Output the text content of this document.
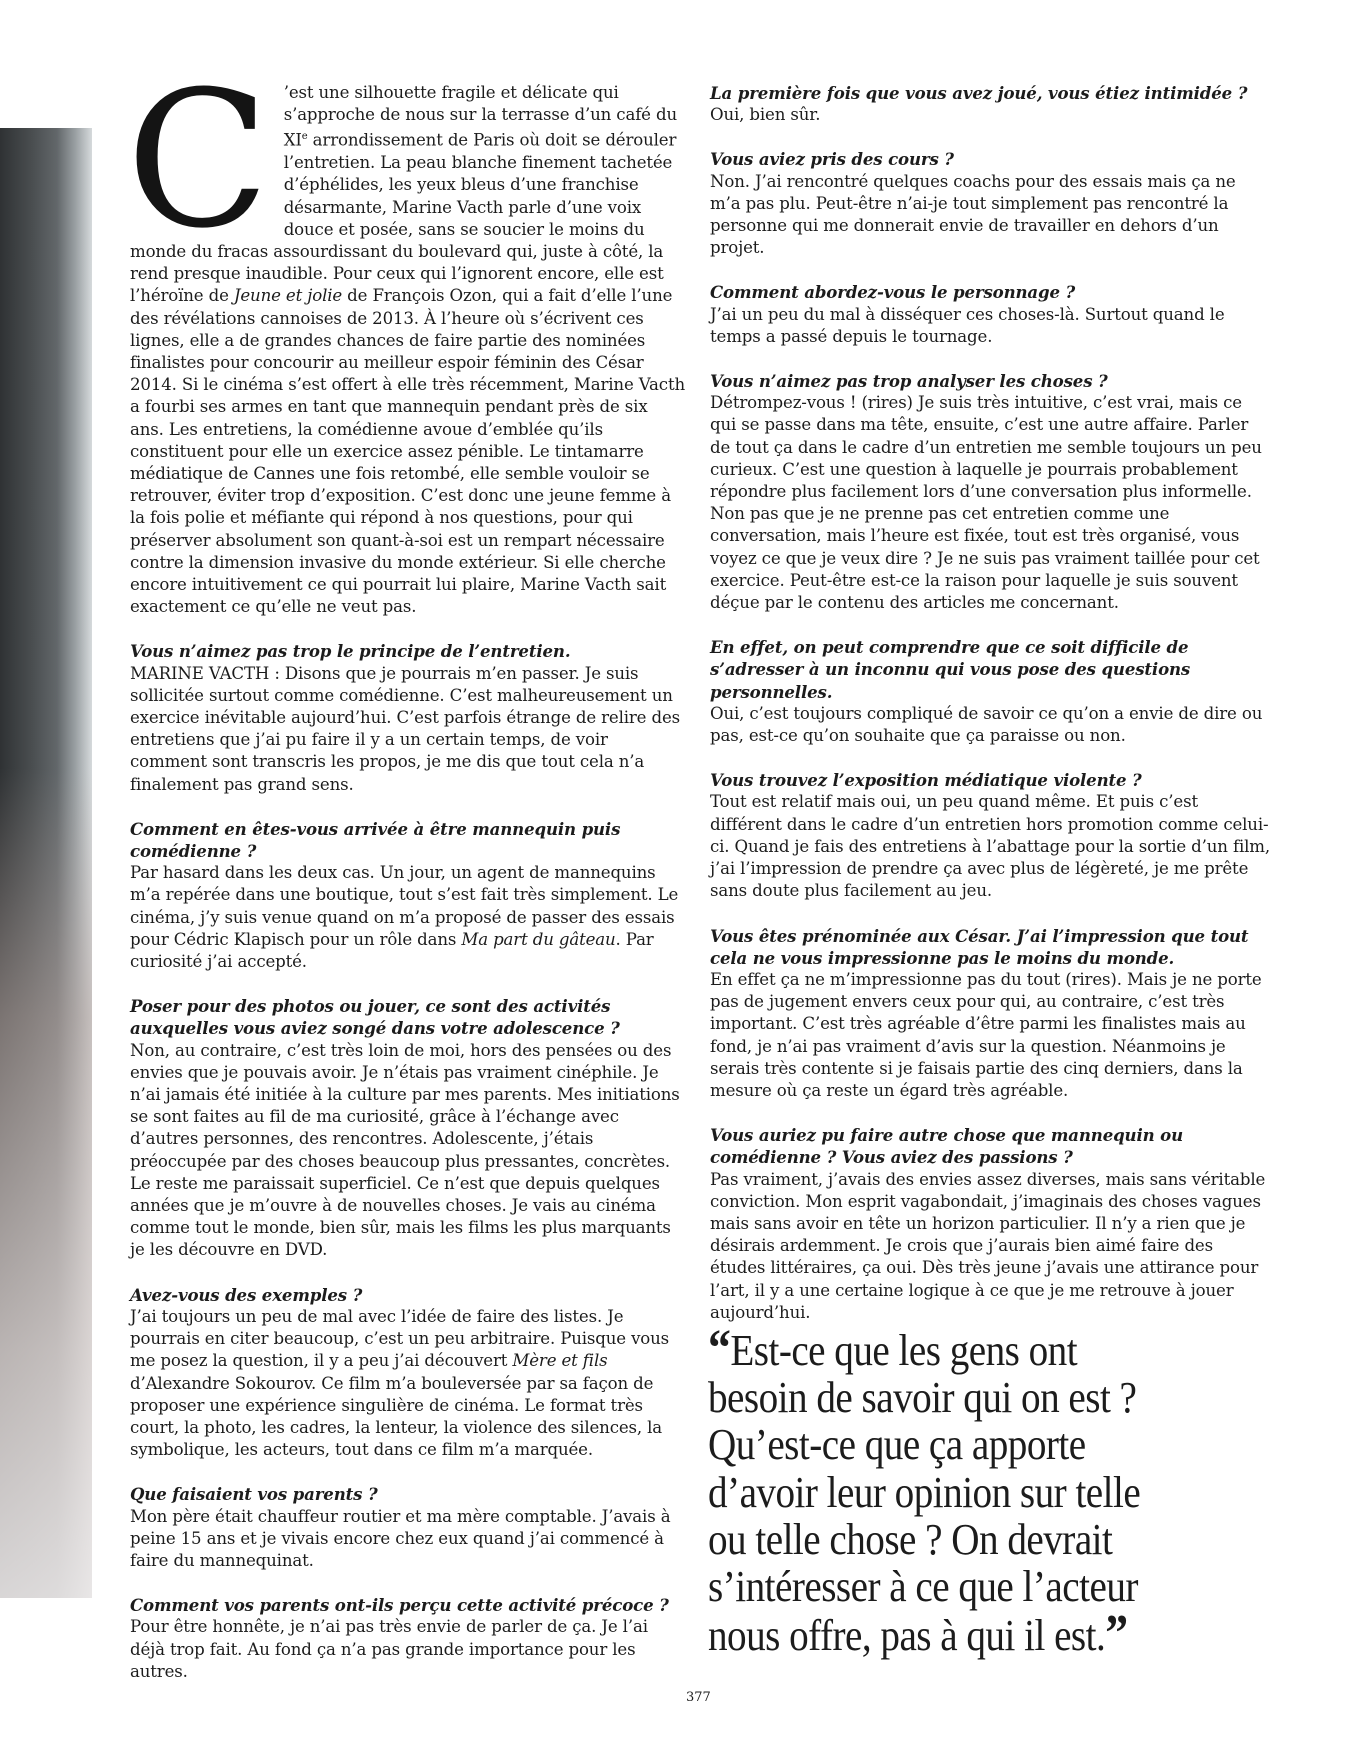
C ’est une silhouette fragile et délicate qui s’approche de nous sur la terrasse d’un café du XIe arrondissement de Paris où doit se dérouler l’entretien. La peau blanche finement tachetée d’éphélides, les yeux bleus d’une franchise désarmante, Marine Vacth parle d’une voix douce et posée, sans se soucier le moins du monde du fracas assourdissant du boulevard qui, juste à côté, la rend presque inaudible. Pour ceux qui l’ignorent encore, elle est l’héroïne de Jeune et jolie de François Ozon, qui a fait d’elle l’une des révélations cannoises de 2013. À l’heure où s’écrivent ces lignes, elle a de grandes chances de faire partie des nominées finalistes pour concourir au meilleur espoir féminin des César 2014. Si le cinéma s’est offert à elle très récemment, Marine Vacth a fourbi ses armes en tant que mannequin pendant près de six ans. Les entretiens, la comédienne avoue d’emblée qu’ils constituent pour elle un exercice assez pénible. Le tintamarre médiatique de Cannes une fois retombé, elle semble vouloir se retrouver, éviter trop d’exposition. C’est donc une jeune femme à la fois polie et méfiante qui répond à nos questions, pour qui préserver absolument son quant-à-soi est un rempart nécessaire contre la dimension invasive du monde extérieur. Si elle cherche encore intuitivement ce qui pourrait lui plaire, Marine Vacth sait exactement ce qu’elle ne veut pas.

Vous n’aimez pas trop le principe de l’entretien.

MARINE VACTH : Disons que je pourrais m’en passer. Je suis sollicitée surtout comme comédienne. C’est malheureusement un exercice inévitable aujourd’hui. C’est parfois étrange de relire des entretiens que j’ai pu faire il y a un certain temps, de voir comment sont transcris les propos, je me dis que tout cela n’a finalement pas grand sens.

Comment en êtes-vous arrivée à être mannequin puis comédienne ?

Par hasard dans les deux cas. Un jour, un agent de mannequins m’a repérée dans une boutique, tout s’est fait très simplement. Le cinéma, j’y suis venue quand on m’a proposé de passer des essais pour Cédric Klapisch pour un rôle dans Ma part du gâteau. Par curiosité j’ai accepté.

Poser pour des photos ou jouer, ce sont des activités auxquelles vous aviez songé dans votre adolescence ?

Non, au contraire, c’est très loin de moi, hors des pensées ou des envies que je pouvais avoir. Je n’étais pas vraiment cinéphile. Je n’ai jamais été initiée à la culture par mes parents. Mes initiations se sont faites au fil de ma curiosité, grâce à l’échange avec d’autres personnes, des rencontres. Adolescente, j’étais préoccupée par des choses beaucoup plus pressantes, concrètes. Le reste me paraissait superficiel. Ce n’est que depuis quelques années que je m’ouvre à de nouvelles choses. Je vais au cinéma comme tout le monde, bien sûr, mais les films les plus marquants je les découvre en DVD.

Avez-vous des exemples ?

J’ai toujours un peu de mal avec l’idée de faire des listes. Je pourrais en citer beaucoup, c’est un peu arbitraire. Puisque vous me posez la question, il y a peu j’ai découvert Mère et fils d’Alexandre Sokourov. Ce film m’a bouleversée par sa façon de proposer une expérience singulière de cinéma. Le format très court, la photo, les cadres, la lenteur, la violence des silences, la symbolique, les acteurs, tout dans ce film m’a marquée.

Que faisaient vos parents ?

Mon père était chauffeur routier et ma mère comptable. J’avais à peine 15 ans et je vivais encore chez eux quand j’ai commencé à faire du mannequinat.

Comment vos parents ont-ils perçu cette activité précoce ?

Pour être honnête, je n’ai pas très envie de parler de ça. Je l’ai déjà trop fait. Au fond ça n’a pas grande importance pour les autres.

La première fois que vous avez joué, vous étiez intimidée ?

Oui, bien sûr.

Vous aviez pris des cours ?

Non. J’ai rencontré quelques coachs pour des essais mais ça ne m’a pas plu. Peut-être n’ai-je tout simplement pas rencontré la personne qui me donnerait envie de travailler en dehors d’un projet.

Comment abordez-vous le personnage ?

J’ai un peu du mal à disséquer ces choses-là. Surtout quand le temps a passé depuis le tournage.

Vous n’aimez pas trop analyser les choses ?

Détrompez-vous ! (rires) Je suis très intuitive, c’est vrai, mais ce qui se passe dans ma tête, ensuite, c’est une autre affaire. Parler de tout ça dans le cadre d’un entretien me semble toujours un peu curieux. C’est une question à laquelle je pourrais probablement répondre plus facilement lors d’une conversation plus informelle. Non pas que je ne prenne pas cet entretien comme une conversation, mais l’heure est fixée, tout est très organisé, vous voyez ce que je veux dire ? Je ne suis pas vraiment taillée pour cet exercice. Peut-être est-ce la raison pour laquelle je suis souvent déçue par le contenu des articles me concernant.

En effet, on peut comprendre que ce soit difficile de s’adresser à un inconnu qui vous pose des questions personnelles.

Oui, c’est toujours compliqué de savoir ce qu’on a envie de dire ou pas, est-ce qu’on souhaite que ça paraisse ou non.

Vous trouvez l’exposition médiatique violente ?

Tout est relatif mais oui, un peu quand même. Et puis c’est différent dans le cadre d’un entretien hors promotion comme celui-ci. Quand je fais des entretiens à l’abattage pour la sortie d’un film, j’ai l’impression de prendre ça avec plus de légèreté, je me prête sans doute plus facilement au jeu.

Vous êtes prénominée aux César. J’ai l’impression que tout cela ne vous impressionne pas le moins du monde.

En effet ça ne m’impressionne pas du tout (rires). Mais je ne porte pas de jugement envers ceux pour qui, au contraire, c’est très important. C’est très agréable d’être parmi les finalistes mais au fond, je n’ai pas vraiment d’avis sur la question. Néanmoins je serais très contente si je faisais partie des cinq derniers, dans la mesure où ça reste un égard très agréable.

Vous auriez pu faire autre chose que mannequin ou comédienne ? Vous aviez des passions ?

Pas vraiment, j’avais des envies assez diverses, mais sans véritable conviction. Mon esprit vagabondait, j’imaginais des choses vagues mais sans avoir en tête un horizon particulier. Il n’y a rien que je désirais ardemment. Je crois que j’aurais bien aimé faire des études littéraires, ça oui. Dès très jeune j’avais une attirance pour l’art, il y a une certaine logique à ce que je me retrouve à jouer aujourd’hui.

“Est-ce que les gens ont
besoin de savoir qui on est ?
Qu’est-ce que ça apporte
d’avoir leur opinion sur telle
ou telle chose ? On devrait
s’intéresser à ce que l’acteur
nous offre, pas à qui il est.”
377
